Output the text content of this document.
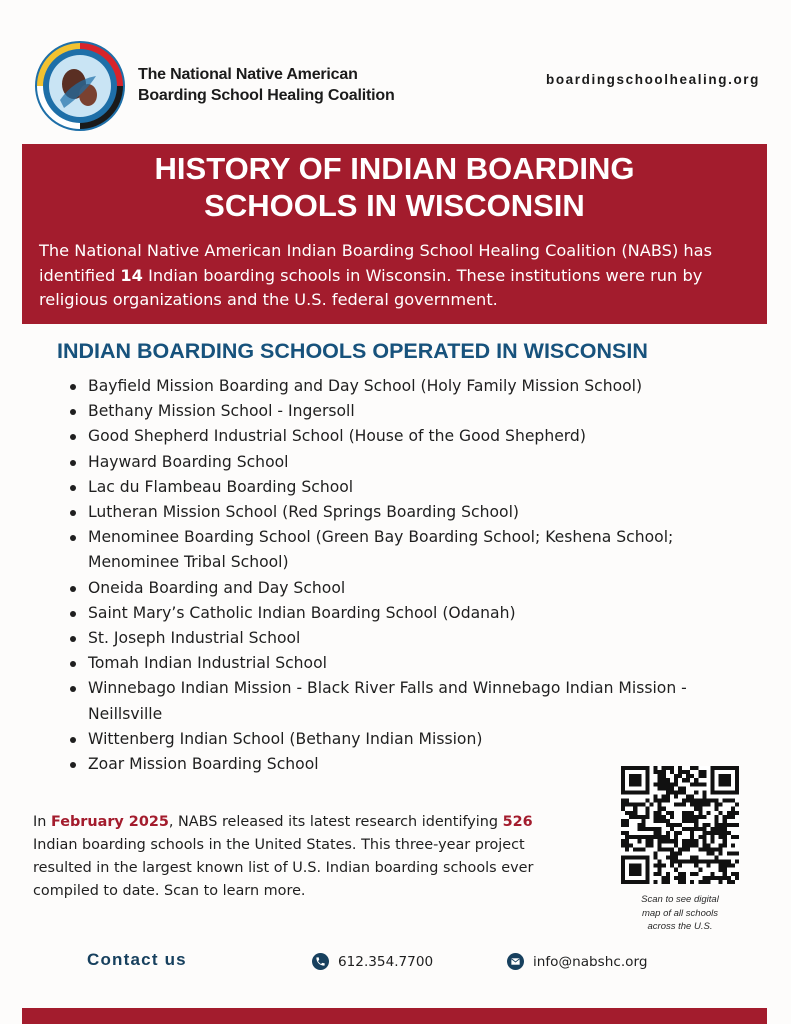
The National Native American
Boarding School Healing Coalition
boardingschoolhealing.org
HISTORY OF INDIAN BOARDING
SCHOOLS IN WISCONSIN
The National Native American Indian Boarding School Healing Coalition (NABS) has identified 14 Indian boarding schools in Wisconsin. These institutions were run by religious organizations and the U.S. federal government.
INDIAN BOARDING SCHOOLS OPERATED IN WISCONSIN
Bayfield Mission Boarding and Day School (Holy Family Mission School)
Bethany Mission School - Ingersoll
Good Shepherd Industrial School (House of the Good Shepherd)
Hayward Boarding School
Lac du Flambeau Boarding School
Lutheran Mission School (Red Springs Boarding School)
Menominee Boarding School (Green Bay Boarding School; Keshena School;
Menominee Tribal School)
Oneida Boarding and Day School
Saint Mary’s Catholic Indian Boarding School (Odanah)
St. Joseph Industrial School
Tomah Indian Industrial School
Winnebago Indian Mission - Black River Falls and Winnebago Indian Mission -
Neillsville
Wittenberg Indian School (Bethany Indian Mission)
Zoar Mission Boarding School
In February 2025, NABS released its latest research identifying 526
Indian boarding schools in the United States. This three-year project
resulted in the largest known list of U.S. Indian boarding schools ever
compiled to date. Scan to learn more.
Scan to see digital
map of all schools
across the U.S.
Contact us	612.354.7700	info@nabshc.org
